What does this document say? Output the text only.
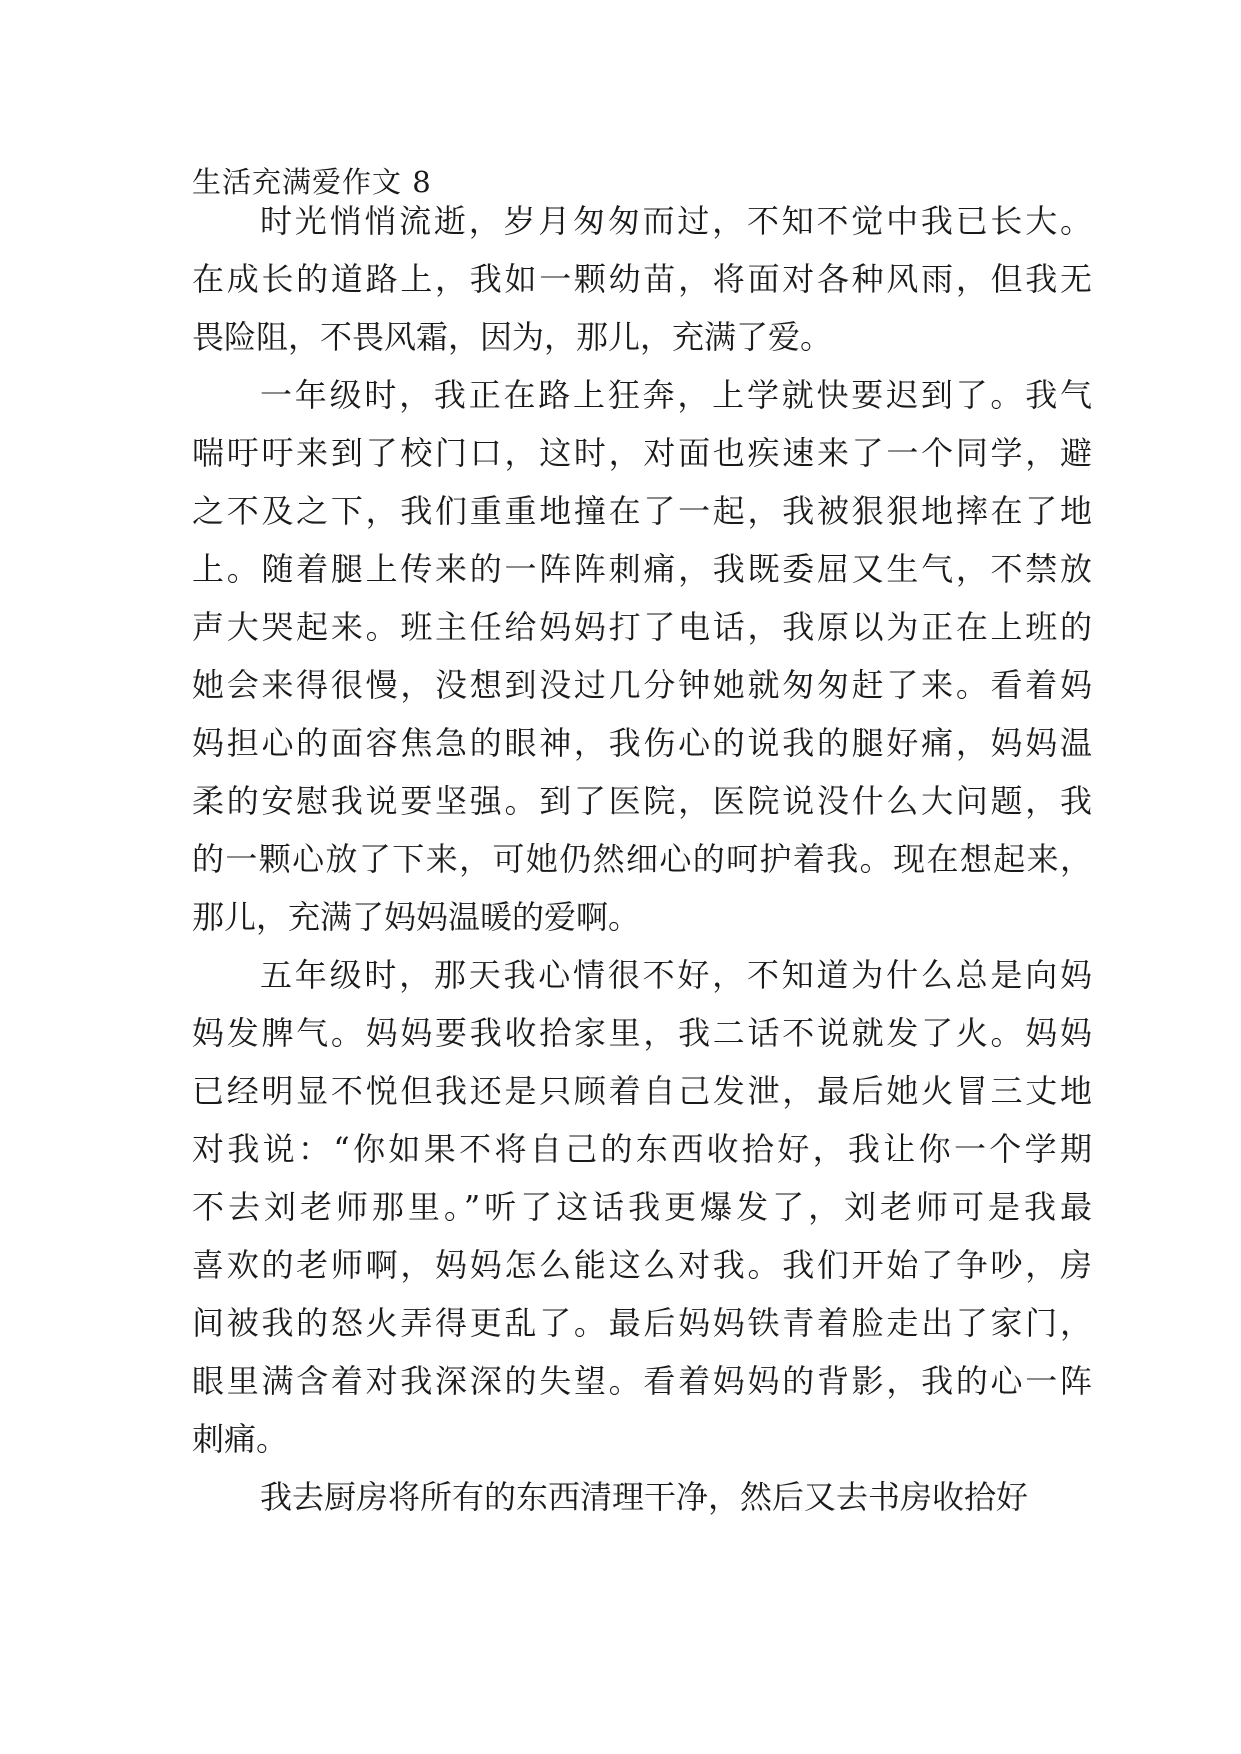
生活充满爱作文 8

时光悄悄流逝，岁月匆匆而过，不知不觉中我已长大。
在成长的道路上，我如一颗幼苗，将面对各种风雨，但我无
畏险阻，不畏风霜，因为，那儿，充满了爱。

一年级时，我正在路上狂奔，上学就快要迟到了。我气
喘吁吁来到了校门口，这时，对面也疾速来了一个同学，避
之不及之下，我们重重地撞在了一起，我被狠狠地摔在了地
上。随着腿上传来的一阵阵刺痛，我既委屈又生气，不禁放
声大哭起来。班主任给妈妈打了电话，我原以为正在上班的
她会来得很慢，没想到没过几分钟她就匆匆赶了来。看着妈
妈担心的面容焦急的眼神，我伤心的说我的腿好痛，妈妈温
柔的安慰我说要坚强。到了医院，医院说没什么大问题，我
的一颗心放了下来，可她仍然细心的呵护着我。现在想起来，
那儿，充满了妈妈温暖的爱啊。

五年级时，那天我心情很不好，不知道为什么总是向妈
妈发脾气。妈妈要我收拾家里，我二话不说就发了火。妈妈
已经明显不悦但我还是只顾着自己发泄，最后她火冒三丈地
对我说：“你如果不将自己的东西收拾好，我让你一个学期
不去刘老师那里。”听了这话我更爆发了，刘老师可是我最
喜欢的老师啊，妈妈怎么能这么对我。我们开始了争吵，房
间被我的怒火弄得更乱了。最后妈妈铁青着脸走出了家门，
眼里满含着对我深深的失望。看着妈妈的背影，我的心一阵
刺痛。

我去厨房将所有的东西清理干净，然后又去书房收拾好
